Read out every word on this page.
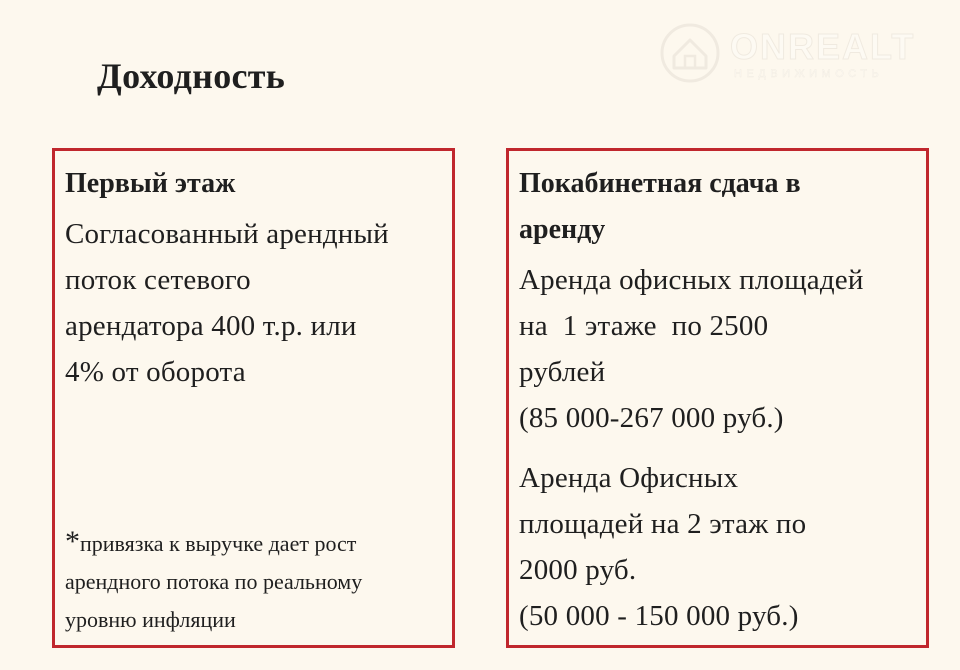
Доходность
ONREALT
НЕДВИЖИМОСТЬ
Первый этаж
Согласованный арендный
поток сетевого
арендатора 400 т.р. или
4% от оборота
*привязка к выручке дает рост
арендного потока по реальному
уровню инфляции
Покабинетная сдача в
аренду
Аренда офисных площадей
на  1 этаже  по 2500
рублей
(85 000-267 000 руб.)
Аренда Офисных
площадей на 2 этаж по
2000 руб.
(50 000 - 150 000 руб.)
